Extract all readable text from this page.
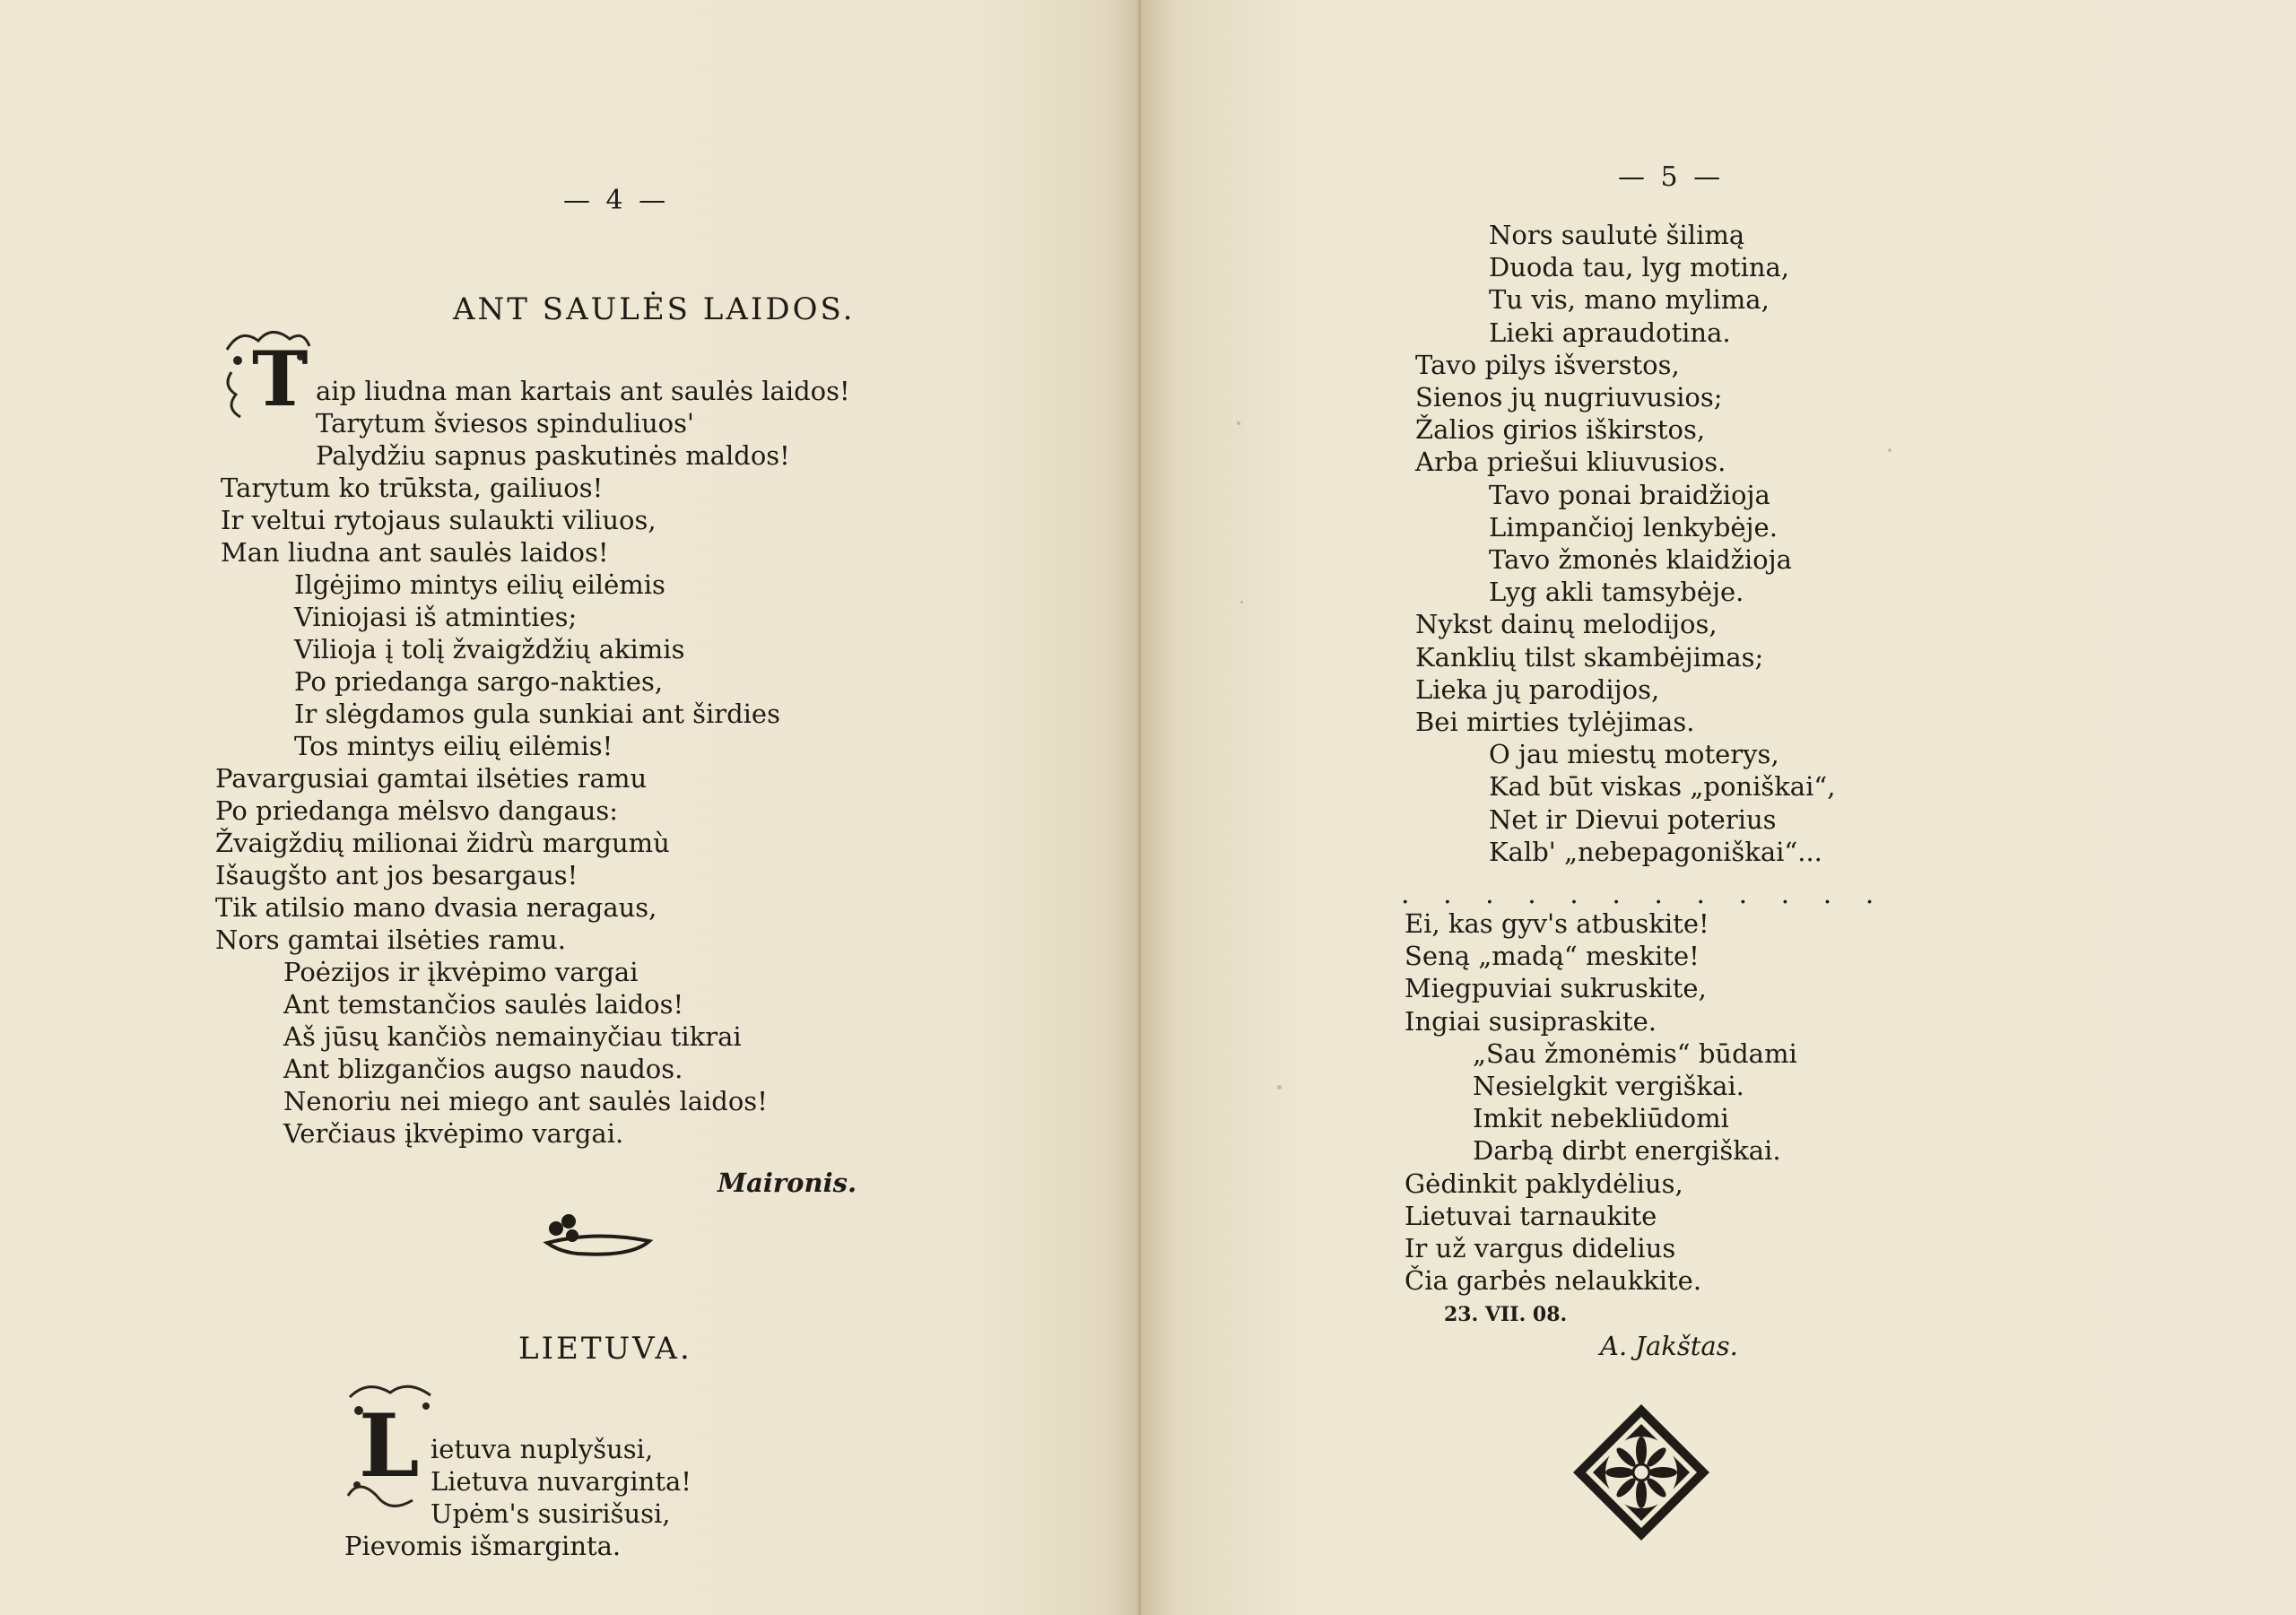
— 4 —
ANT SAULĖS LAIDOS.
T aip liudna man kartais ant saulės laidos!
Tarytum šviesos spinduliuos'
Palydžiu sapnus paskutinės maldos!
Tarytum ko trūksta, gailiuos!
Ir veltui rytojaus sulaukti viliuos,
Man liudna ant saulės laidos!
Ilgėjimo mintys eilių eilėmis
Viniojasi iš atminties;
Vilioja į tolį žvaigždžių akimis
Po priedanga sargo-nakties,
Ir slėgdamos gula sunkiai ant širdies
Tos mintys eilių eilėmis!
Pavargusiai gamtai ilsėties ramu
Po priedanga mėlsvo dangaus:
Žvaigždių milionai židrù margumù
Išaugšto ant jos besargaus!
Tik atilsio mano dvasia neragaus,
Nors gamtai ilsėties ramu.
Poėzijos ir įkvėpimo vargai
Ant temstančios saulės laidos!
Aš jūsų kančiòs nemainyčiau tikrai
Ant blizgančios augso naudos.
Nenoriu nei miego ant saulės laidos!
Verčiaus įkvėpimo vargai.
Maironis.
LIETUVA.
L ietuva nuplyšusi,
Lietuva nuvarginta!
Upėm's susirišusi,
Pievomis išmarginta.
— 5 —
Nors saulutė šilimą
Duoda tau, lyg motina,
Tu vis, mano mylima,
Lieki apraudotina.
Tavo pilys išverstos,
Sienos jų nugriuvusios;
Žalios girios iškirstos,
Arba priešui kliuvusios.
Tavo ponai braidžioja
Limpančioj lenkybėje.
Tavo žmonės klaidžioja
Lyg akli tamsybėje.
Nykst dainų melodijos,
Kanklių tilst skambėjimas;
Lieka jų parodijos,
Bei mirties tylėjimas.
O jau miestų moterys,
Kad būt viskas „poniškai“,
Net ir Dievui poterius
Kalb' „nebepagoniškai“...
Ei, kas gyv's atbuskite!
Seną „madą“ meskite!
Miegpuviai sukruskite,
Ingiai susipraskite.
„Sau žmonėmis“ būdami
Nesielgkit vergiškai.
Imkit nebekliūdomi
Darbą dirbt energiškai.
Gėdinkit paklydėlius,
Lietuvai tarnaukite
Ir už vargus didelius
Čia garbės nelaukkite.
. . . . . . . . . . . .
23. VII. 08.
A. Jakštas.
